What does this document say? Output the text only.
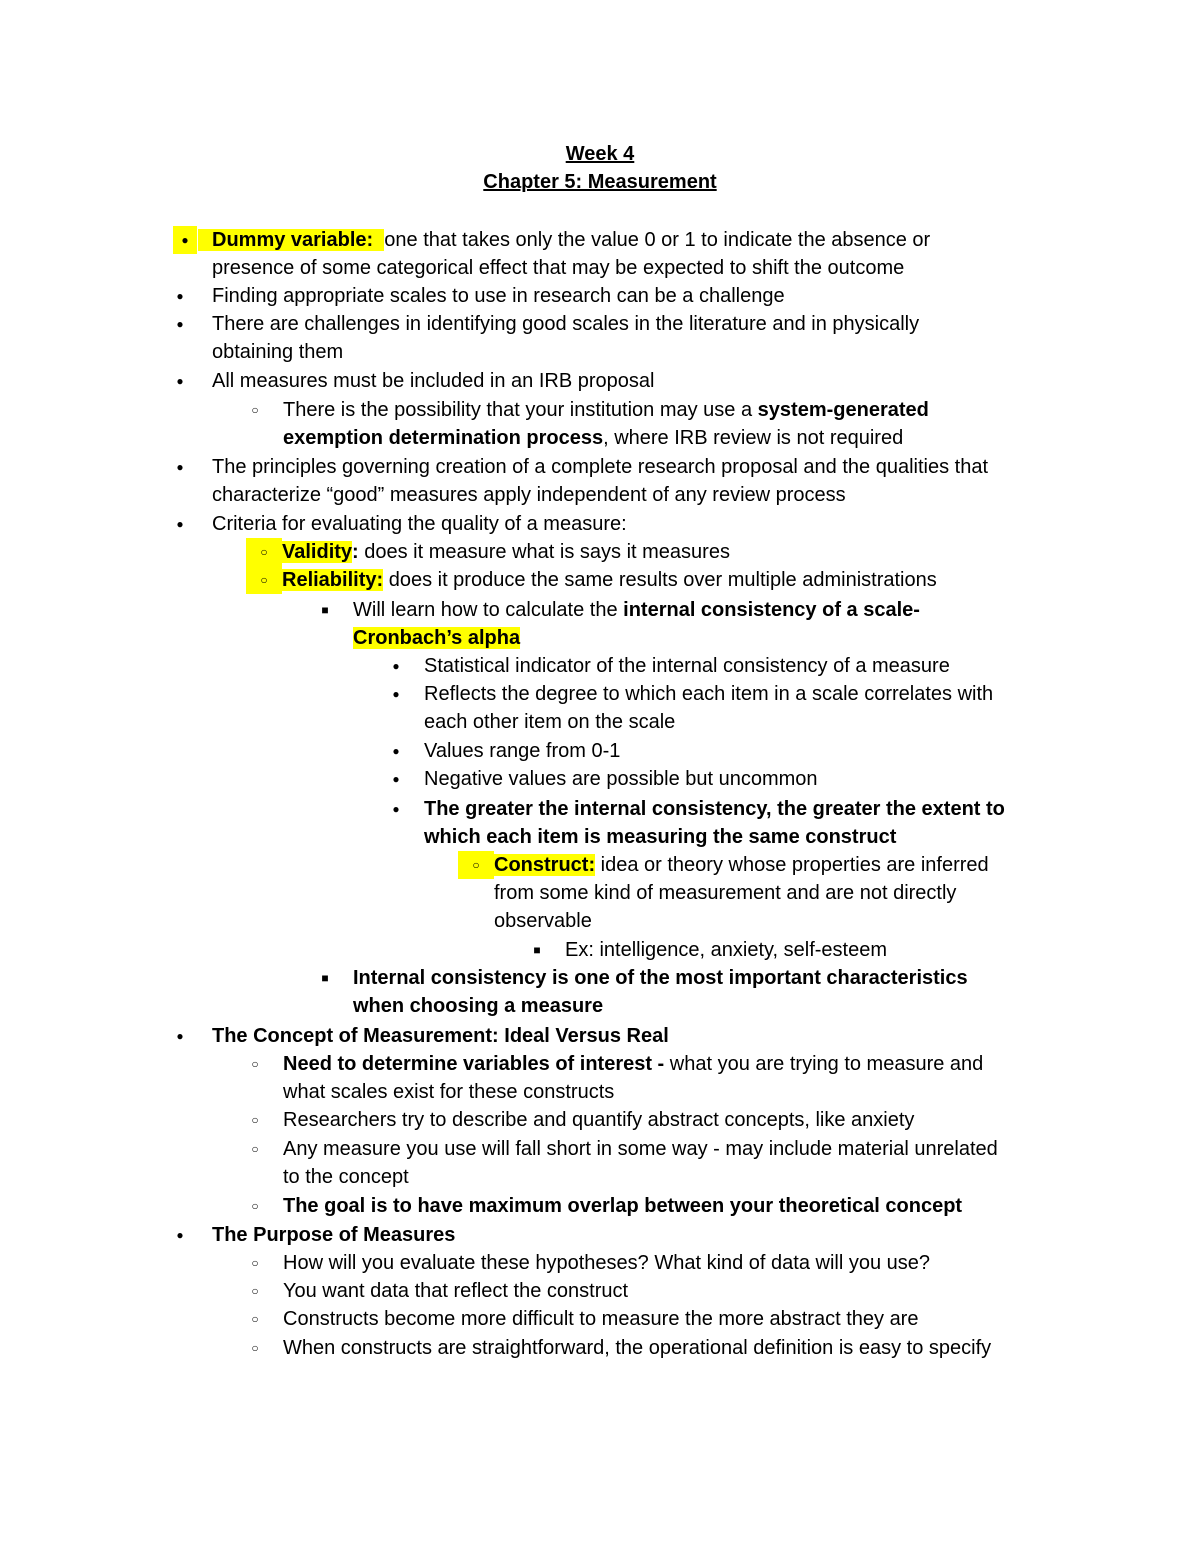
Week 4
Chapter 5: Measurement
●	Dummy variable: one that takes only the value 0 or 1 to indicate the absence or
presence of some categorical effect that may be expected to shift the outcome
●	Finding appropriate scales to use in research can be a challenge
●	There are challenges in identifying good scales in the literature and in physically
obtaining them
●	All measures must be included in an IRB proposal
○	There is the possibility that your institution may use a system-generated
exemption determination process, where IRB review is not required
●	The principles governing creation of a complete research proposal and the qualities that
characterize “good” measures apply independent of any review process
●	Criteria for evaluating the quality of a measure:
○ Validity: does it measure what is says it measures
○ Reliability: does it produce the same results over multiple administrations
■	Will learn how to calculate the internal consistency of a scale-
Cronbach’s alpha
●	Statistical indicator of the internal consistency of a measure
●	Reflects the degree to which each item in a scale correlates with
each other item on the scale
●	Values range from 0-1
●	Negative values are possible but uncommon
●	The greater the internal consistency, the greater the extent to
which each item is measuring the same construct
○ Construct: idea or theory whose properties are inferred
from some kind of measurement and are not directly
observable
■	Ex: intelligence, anxiety, self-esteem
■	Internal consistency is one of the most important characteristics
when choosing a measure
●	The Concept of Measurement: Ideal Versus Real
○	Need to determine variables of interest - what you are trying to measure and
what scales exist for these constructs
○	Researchers try to describe and quantify abstract concepts, like anxiety
○	Any measure you use will fall short in some way - may include material unrelated
to the concept
○	The goal is to have maximum overlap between your theoretical concept
●	The Purpose of Measures
○	How will you evaluate these hypotheses? What kind of data will you use?
○	You want data that reflect the construct
○	Constructs become more difficult to measure the more abstract they are
○	When constructs are straightforward, the operational definition is easy to specify
